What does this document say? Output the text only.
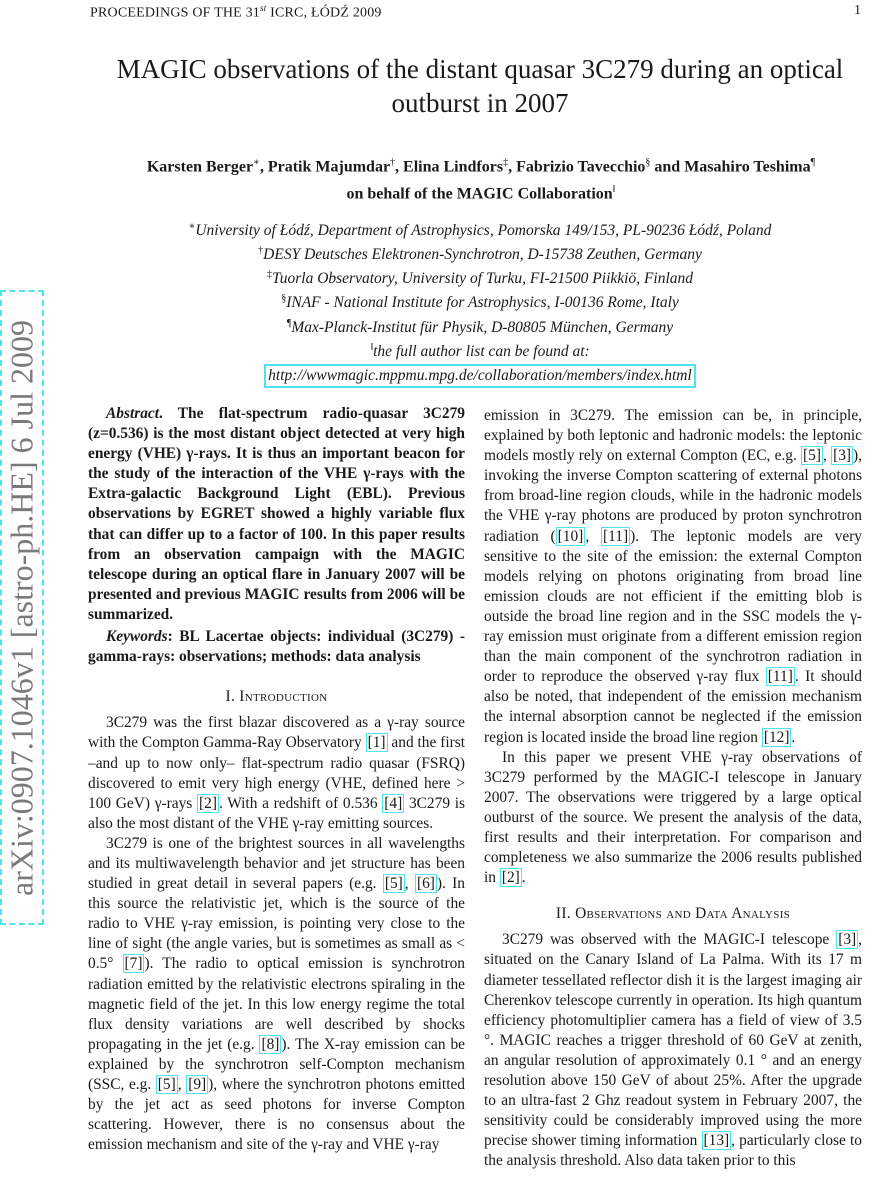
PROCEEDINGS OF THE 31st ICRC, ŁÓDŹ 2009	1
arXiv:0907.1046v1 [astro-ph.HE] 6 Jul 2009
MAGIC observations of the distant quasar 3C279 during an optical outburst in 2007
Karsten Berger∗, Pratik Majumdar†, Elina Lindfors‡, Fabrizio Tavecchio§ and Masahiro Teshima¶
on behalf of the MAGIC Collaboration‖
∗University of Łódź, Department of Astrophysics, Pomorska 149/153, PL-90236 Łódź, Poland
†DESY Deutsches Elektronen-Synchrotron, D-15738 Zeuthen, Germany
‡Tuorla Observatory, University of Turku, FI-21500 Piikkiö, Finland
§INAF - National Institute for Astrophysics, I-00136 Rome, Italy
¶Max-Planck-Institut für Physik, D-80805 München, Germany
‖the full author list can be found at:
http://wwwmagic.mppmu.mpg.de/collaboration/members/index.html

Abstract. The flat-spectrum radio-quasar 3C279 (z=0.536) is the most distant object detected at very high energy (VHE) γ-rays. It is thus an important beacon for the study of the interaction of the VHE γ-rays with the Extra-galactic Background Light (EBL). Previous observations by EGRET showed a highly variable flux that can differ up to a factor of 100. In this paper results from an observation campaign with the MAGIC telescope during an optical flare in January 2007 will be presented and previous MAGIC results from 2006 will be summarized.

Keywords: BL Lacertae objects: individual (3C279) - gamma-rays: observations; methods: data analysis

I. Introduction

3C279 was the first blazar discovered as a γ-ray source with the Compton Gamma-Ray Observatory [1] and the first –and up to now only– flat-spectrum radio quasar (FSRQ) discovered to emit very high energy (VHE, defined here > 100 GeV) γ-rays [2] . With a redshift of 0.536 [4] 3C279 is also the most distant of the VHE γ-ray emitting sources.

3C279 is one of the brightest sources in all wavelengths and its multiwavelength behavior and jet structure has been studied in great detail in several papers (e.g. [5] , [6] ). In this source the relativistic jet, which is the source of the radio to VHE γ-ray emission, is pointing very close to the line of sight (the angle varies, but is sometimes as small as < 0.5° [7] ). The radio to optical emission is synchrotron radiation emitted by the relativistic electrons spiraling in the magnetic field of the jet. In this low energy regime the total flux density variations are well described by shocks propagating in the jet (e.g. [8] ). The X-ray emission can be explained by the synchrotron self-Compton mechanism (SSC, e.g. [5] , [9] ), where the synchrotron photons emitted by the jet act as seed photons for inverse Compton scattering. However, there is no consensus about the emission mechanism and site of the γ-ray and VHE γ-ray

emission in 3C279. The emission can be, in principle, explained by both leptonic and hadronic models: the leptonic models mostly rely on external Compton (EC, e.g. [5] , [3] ), invoking the inverse Compton scattering of external photons from broad-line region clouds, while in the hadronic models the VHE γ-ray photons are produced by proton synchrotron radiation ( [10] , [11] ). The leptonic models are very sensitive to the site of the emission: the external Compton models relying on photons originating from broad line emission clouds are not efficient if the emitting blob is outside the broad line region and in the SSC models the γ-ray emission must originate from a different emission region than the main component of the synchrotron radiation in order to reproduce the observed γ-ray flux [11] . It should also be noted, that independent of the emission mechanism the internal absorption cannot be neglected if the emission region is located inside the broad line region [12] .

In this paper we present VHE γ-ray observations of 3C279 performed by the MAGIC-I telescope in January 2007. The observations were triggered by a large optical outburst of the source. We present the analysis of the data, first results and their interpretation. For comparison and completeness we also summarize the 2006 results published in [2] .

II. Observations and Data Analysis

3C279 was observed with the MAGIC-I telescope [3] , situated on the Canary Island of La Palma. With its 17 m diameter tessellated reflector dish it is the largest imaging air Cherenkov telescope currently in operation. Its high quantum efficiency photomultiplier camera has a field of view of 3.5 °. MAGIC reaches a trigger threshold of 60 GeV at zenith, an angular resolution of approximately 0.1 ° and an energy resolution above 150 GeV of about 25%. After the upgrade to an ultra-fast 2 Ghz readout system in February 2007, the sensitivity could be considerably improved using the more precise shower timing information [13] , particularly close to the analysis threshold. Also data taken prior to this
